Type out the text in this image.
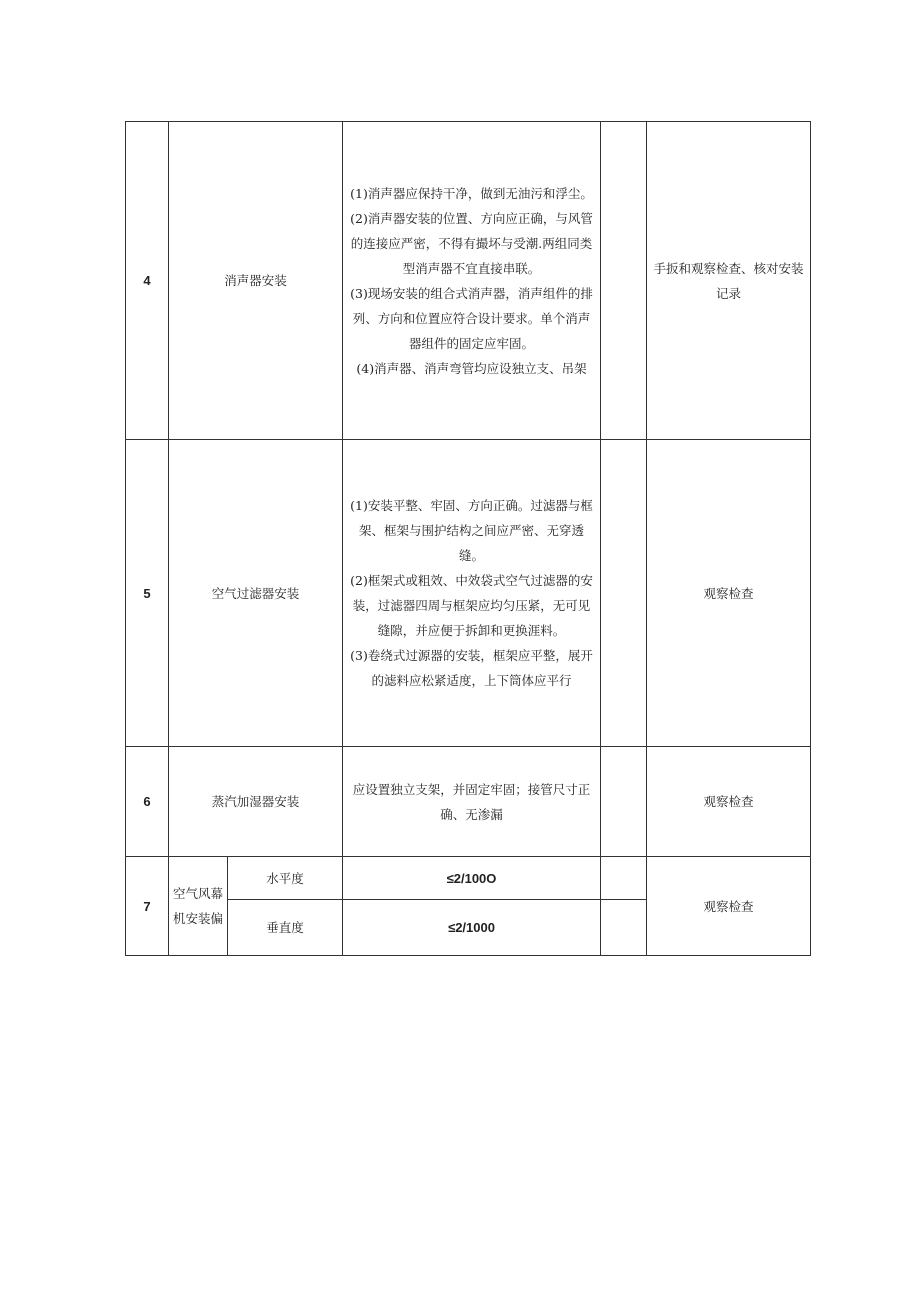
4	消声器安装		(1)消声器应保持干净，做到无油污和浮尘。
(2)消声器安装的位置、方向应正确，与风管的连接应严密，不得有撮坏与受潮.两组同类型消声器不宜直接串联。
(3)现场安装的组合式消声器，消声组件的排列、方向和位置应符合设计要求。单个消声器组件的固定应牢固。
(4)消声器、消声弯管均应设独立支、吊架		手扳和观察检查、核对安装记录
5	空气过滤器安装		(1)安装平整、牢固、方向正确。过滤器与框架、框架与围护结构之间应严密、无穿透缝。
(2)框架式或粗效、中效袋式空气过滤器的安装，过滤器四周与框架应均匀压紧，无可见缝隙，并应便于拆卸和更换涯料。
(3)卷绕式过源器的安装，框架应平整，展开的滤料应松紧适度，上下筒体应平行		观察检查
6	蒸汽加湿器安装		应设置独立支架，并固定牢固；接管尺寸正确、无渗漏		观察检查
7	空气风幕机安装偏	水平度	≤2/100O		观察检查
		垂直度	≤2/1000		
